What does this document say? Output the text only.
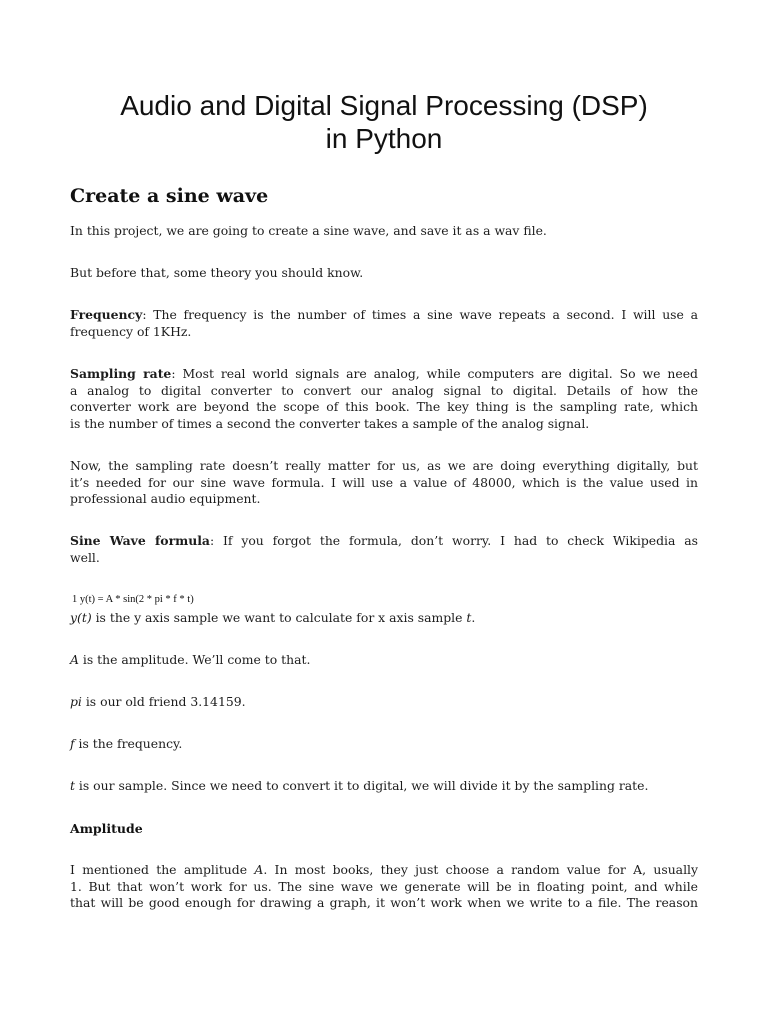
Audio and Digital Signal Processing (DSP)
in Python
Create a sine wave
In this project, we are going to create a sine wave, and save it as a wav file.
But before that, some theory you should know.
Frequency: The frequency is the number of times a sine wave repeats a second. I will use a
frequency of 1KHz.
Sampling rate: Most real world signals are analog, while computers are digital. So we need
a analog to digital converter to convert our analog signal to digital. Details of how the
converter work are beyond the scope of this book. The key thing is the sampling rate, which
is the number of times a second the converter takes a sample of the analog signal.
Now, the sampling rate doesn’t really matter for us, as we are doing everything digitally, but
it’s needed for our sine wave formula. I will use a value of 48000, which is the value used in
professional audio equipment.
Sine Wave formula: If you forgot the formula, don’t worry. I had to check Wikipedia as
well.
1 y(t) = A * sin(2 * pi * f * t)
y(t) is the y axis sample we want to calculate for x axis sample t.
A is the amplitude. We’ll come to that.
pi is our old friend 3.14159.
f is the frequency.
t is our sample. Since we need to convert it to digital, we will divide it by the sampling rate.
Amplitude
I mentioned the amplitude A. In most books, they just choose a random value for A, usually
1. But that won’t work for us. The sine wave we generate will be in floating point, and while
that will be good enough for drawing a graph, it won’t work when we write to a file. The reason
